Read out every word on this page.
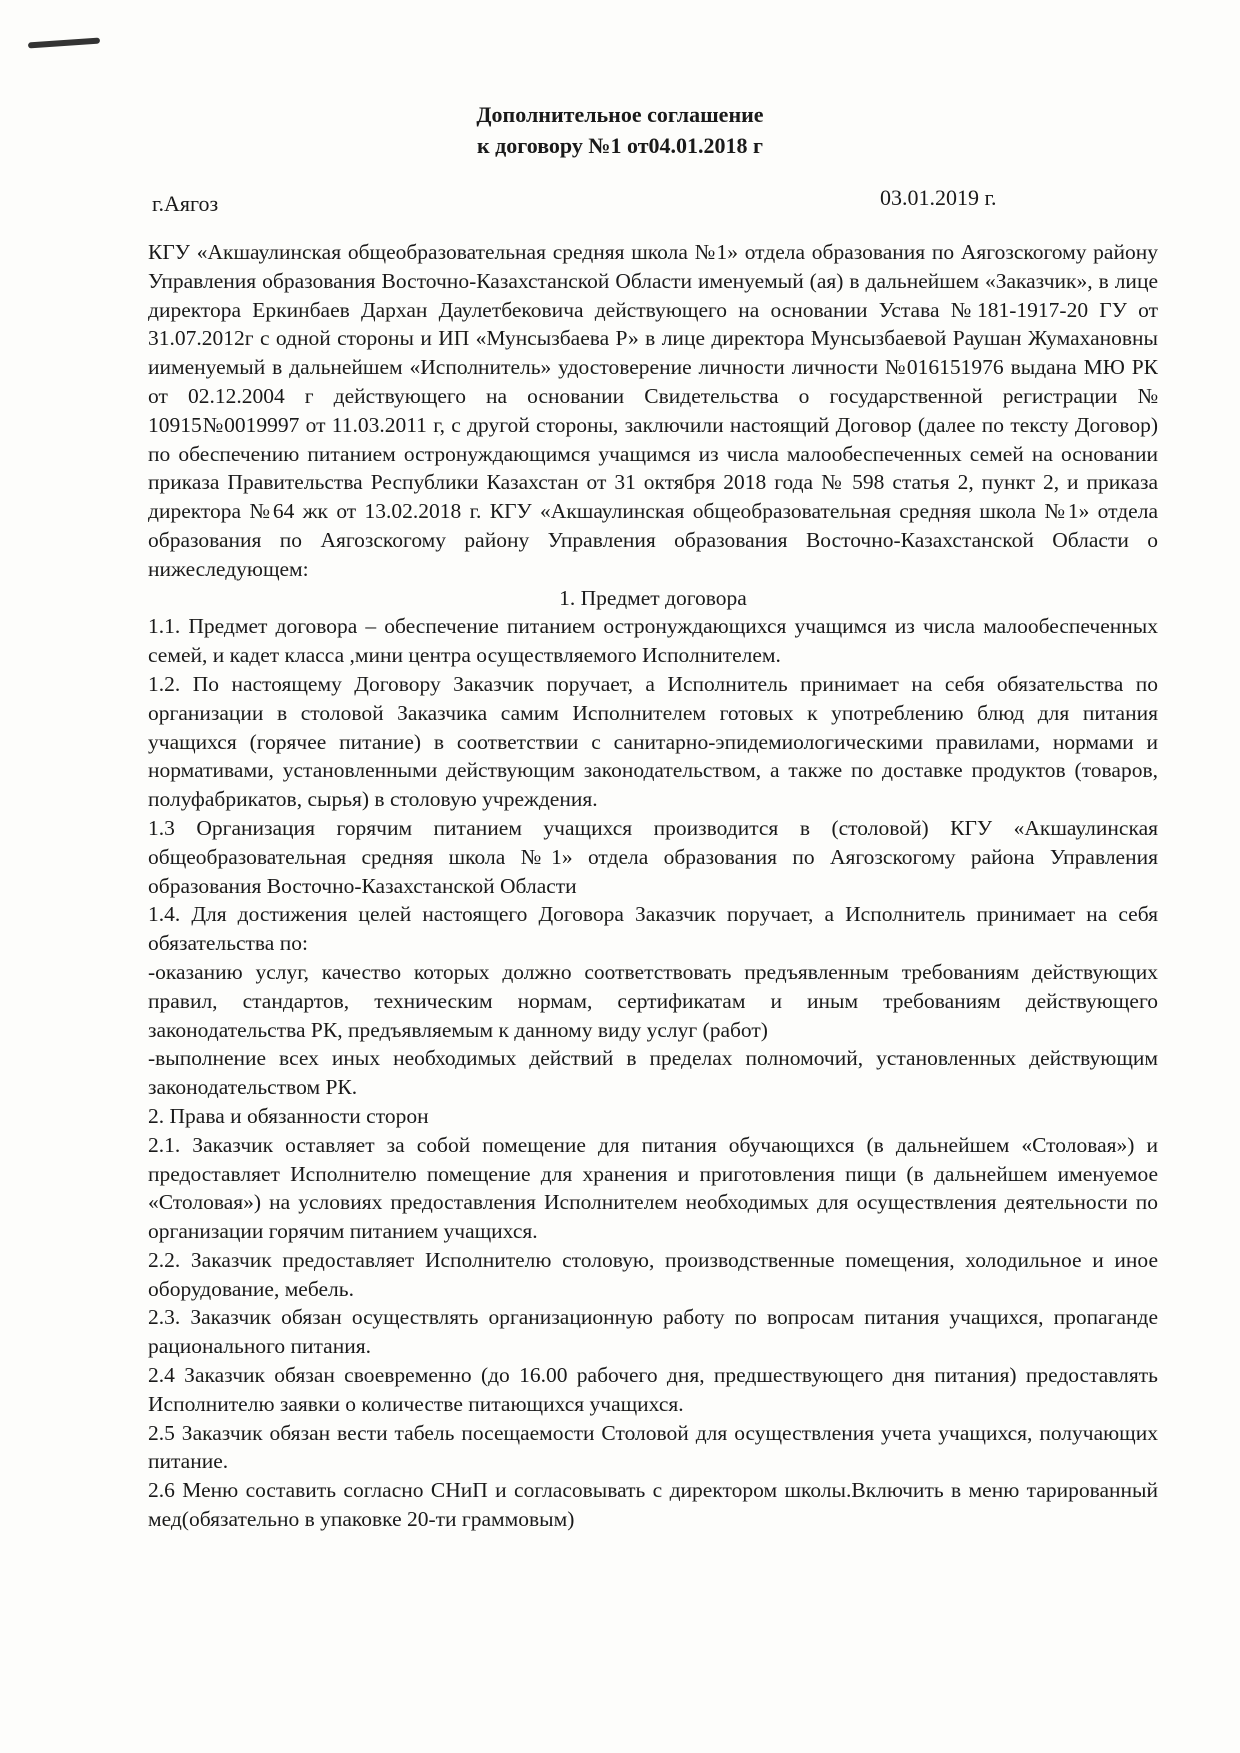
Дополнительное соглашение
к договору №1 от04.01.2018 г
г.Аягоз	03.01.2019 г.

КГУ «Акшаулинская общеобразовательная средняя школа №1» отдела образования по Аягозскогому району Управления образования Восточно-Казахстанской Области именуемый (ая) в дальнейшем «Заказчик», в лице директора Еркинбаев Дархан Даулетбековича действующего на основании Устава №181-1917-20 ГУ от 31.07.2012г с одной стороны и ИП «Мунсызбаева Р» в лице директора Мунсызбаевой Раушан Жумахановны иименуемый в дальнейшем «Исполнитель» удостоверение личности личности №016151976 выдана МЮ РК от 02.12.2004 г действующего на основании Свидетельства о государственной регистрации № 10915№0019997 от 11.03.2011 г, с другой стороны, заключили настоящий Договор (далее по тексту Договор) по обеспечению питанием остронуждающимся учащимся из числа малообеспеченных семей на основании приказа Правительства Республики Казахстан от 31 октября 2018 года № 598 статья 2, пункт 2, и приказа директора №64 жк от 13.02.2018 г. КГУ «Акшаулинская общеобразовательная средняя школа №1» отдела образования по Аягозскогому району Управления образования Восточно-Казахстанской Области о нижеследующем:

1. Предмет договора

1.1. Предмет договора – обеспечение питанием остронуждающихся учащимся из числа малообеспеченных семей, и кадет класса ,мини центра осуществляемого Исполнителем.

1.2. По настоящему Договору Заказчик поручает, а Исполнитель принимает на себя обязательства по организации в столовой Заказчика самим Исполнителем готовых к употреблению блюд для питания учащихся (горячее питание) в соответствии с санитарно-эпидемиологическими правилами, нормами и нормативами, установленными действующим законодательством, а также по доставке продуктов (товаров, полуфабрикатов, сырья) в столовую учреждения.

1.3 Организация горячим питанием учащихся производится в (столовой) КГУ «Акшаулинская общеобразовательная средняя школа №1» отдела образования по Аягозскогому района Управления образования Восточно-Казахстанской Области

1.4. Для достижения целей настоящего Договора Заказчик поручает, а Исполнитель принимает на себя обязательства по:

-оказанию услуг, качество которых должно соответствовать предъявленным требованиям действующих правил, стандартов, техническим нормам, сертификатам и иным требованиям действующего законодательства РК, предъявляемым к данному виду услуг (работ)

-выполнение всех иных необходимых действий в пределах полномочий, установленных действующим законодательством РК.

2. Права и обязанности сторон

2.1. Заказчик оставляет за собой помещение для питания обучающихся (в дальнейшем «Столовая») и предоставляет Исполнителю помещение для хранения и приготовления пищи (в дальнейшем именуемое «Столовая») на условиях предоставления Исполнителем необходимых для осуществления деятельности по организации горячим питанием учащихся.

2.2. Заказчик предоставляет Исполнителю столовую, производственные помещения, холодильное и иное оборудование, мебель.

2.3. Заказчик обязан осуществлять организационную работу по вопросам питания учащихся, пропаганде рационального питания.

2.4 Заказчик обязан своевременно (до 16.00 рабочего дня, предшествующего дня питания) предоставлять Исполнителю заявки о количестве питающихся учащихся.

2.5 Заказчик обязан вести табель посещаемости Столовой для осуществления учета учащихся, получающих питание.

2.6 Меню составить согласно СНиП и согласовывать с директором школы.Включить в меню тарированный мед(обязательно в упаковке 20-ти граммовым)
